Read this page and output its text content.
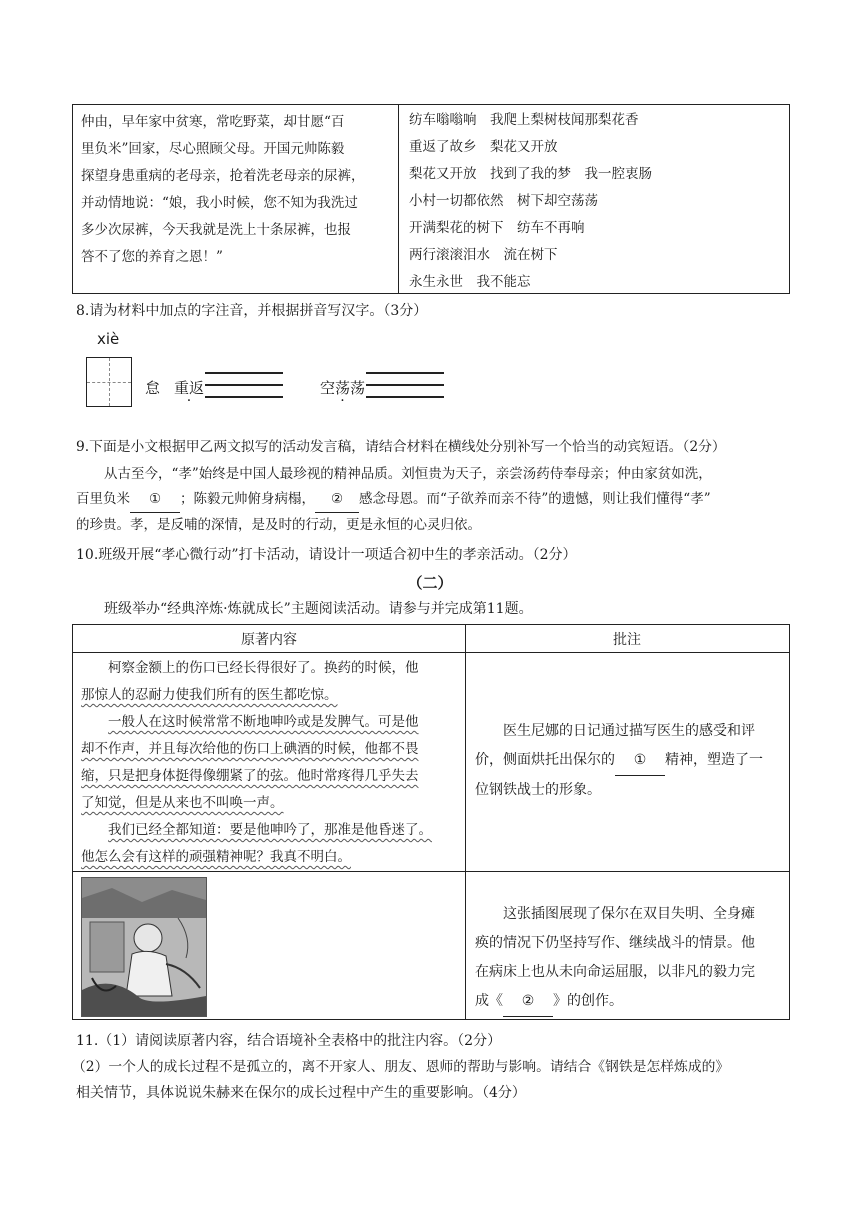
仲由，早年家中贫寒，常吃野菜，却甘愿“百
里负米”回家，尽心照顾父母。开国元帅陈毅
探望身患重病的老母亲，抢着洗老母亲的尿裤，
并动情地说：“娘，我小时候，您不知为我洗过
多少次尿裤，今天我就是洗上十条尿裤，也报
答不了您的养育之恩！”
纺车嗡嗡响　我爬上梨树枝闻那梨花香
重返了故乡　梨花又开放
梨花又开放　找到了我的梦　我一腔衷肠
小村一切都依然　树下却空荡荡
开满梨花的树下　纺车不再响
两行滚滚泪水　流在树下
永生永世　我不能忘
8.请为材料中加点的字注音，并根据拼音写汉字。（3分）
xiè
怠 重返	空荡荡
9.下面是小文根据甲乙两文拟写的活动发言稿，请结合材料在横线处分别补写一个恰当的动宾短语。（2分）
从古至今，“孝”始终是中国人最珍视的精神品质。刘恒贵为天子，亲尝汤药侍奉母亲；仲由家贫如洗，
百里负米 ① ；陈毅元帅俯身病榻， ② 感念母恩。而“子欲养而亲不待”的遗憾，则让我们懂得“孝”
的珍贵。孝，是反哺的深情，是及时的行动，更是永恒的心灵归依。
10.班级开展“孝心微行动”打卡活动，请设计一项适合初中生的孝亲活动。（2分）
（二）
班级举办“经典淬炼·炼就成长”主题阅读活动。请参与并完成第11题。
原著内容	批注
柯察金额上的伤口已经长得很好了。换药的时候，他
那惊人的忍耐力使我们所有的医生都吃惊。
一般人在这时候常常不断地呻吟或是发脾气。可是他
却不作声，并且每次给他的伤口上碘酒的时候，他都不畏
缩，只是把身体挺得像绷紧了的弦。他时常疼得几乎失去
了知觉，但是从来也不叫唤一声。
我们已经全都知道：要是他呻吟了，那准是他昏迷了。
他怎么会有这样的顽强精神呢？我真不明白。
医生尼娜的日记通过描写医生的感受和评
价，侧面烘托出保尔的 ① 精神，塑造了一
位钢铁战士的形象。
这张插图展现了保尔在双目失明、全身瘫
痪的情况下仍坚持写作、继续战斗的情景。他
在病床上也从未向命运屈服，以非凡的毅力完
成《 ② 》的创作。
11.（1）请阅读原著内容，结合语境补全表格中的批注内容。（2分）
（2）一个人的成长过程不是孤立的，离不开家人、朋友、恩师的帮助与影响。请结合《钢铁是怎样炼成的》
相关情节，具体说说朱赫来在保尔的成长过程中产生的重要影响。（4分）
